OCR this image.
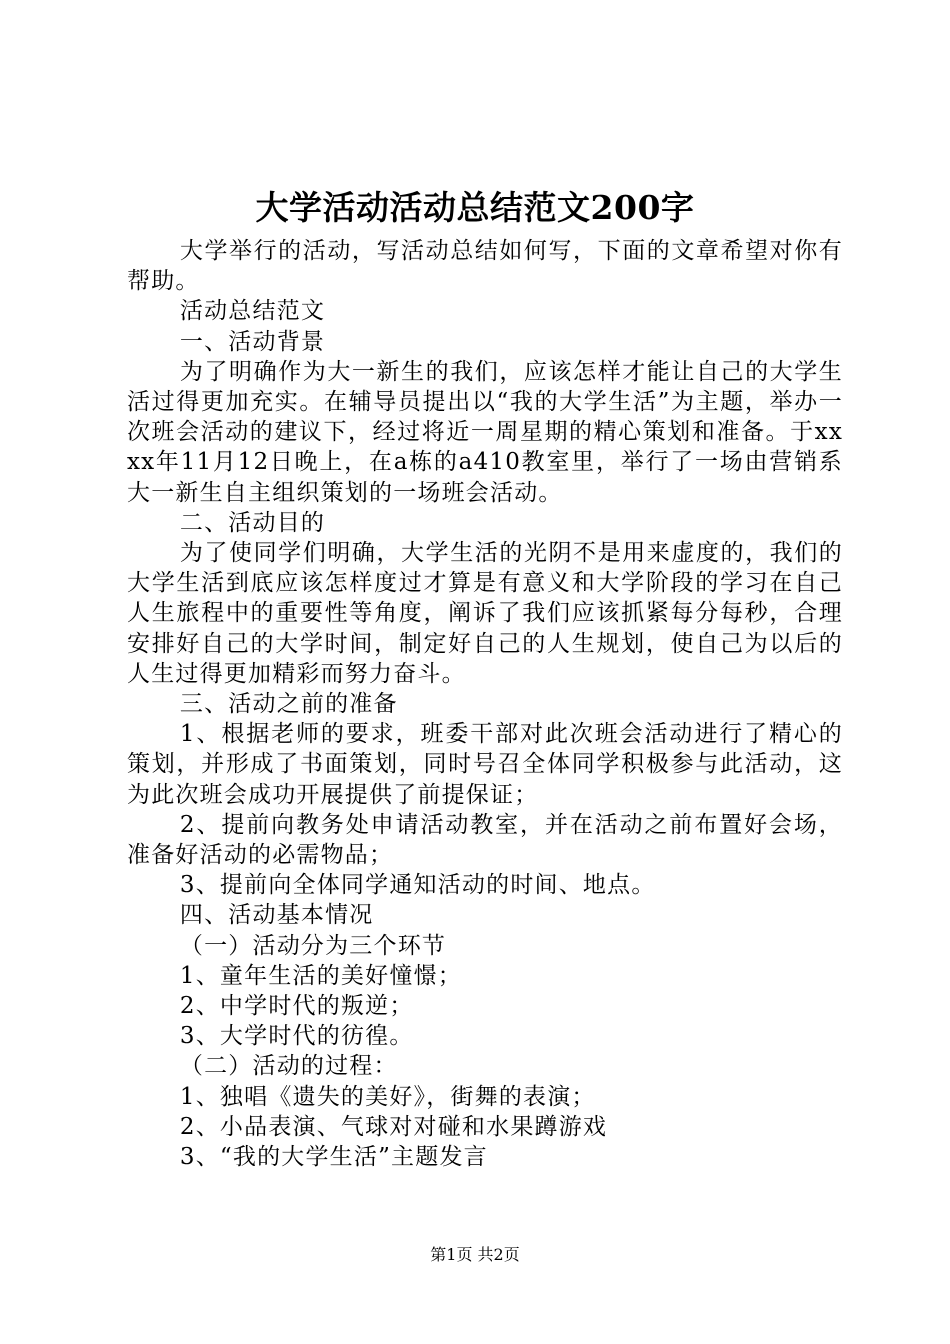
大学活动活动总结范文200字

大学举行的活动，写活动总结如何写，下面的文章希望对你有帮助。

活动总结范文

一、活动背景

为了明确作为大一新生的我们，应该怎样才能让自己的大学生活过得更加充实。在辅导员提出以“我的大学生活”为主题，举办一次班会活动的建议下，经过将近一周星期的精心策划和准备。于xxxx年11月12日晚上，在a栋的a410教室里，举行了一场由营销系大一新生自主组织策划的一场班会活动。

二、活动目的

为了使同学们明确，大学生活的光阴不是用来虚度的，我们的大学生活到底应该怎样度过才算是有意义和大学阶段的学习在自己人生旅程中的重要性等角度，阐诉了我们应该抓紧每分每秒，合理安排好自己的大学时间，制定好自己的人生规划，使自己为以后的人生过得更加精彩而努力奋斗。

三、活动之前的准备

1、根据老师的要求，班委干部对此次班会活动进行了精心的策划，并形成了书面策划，同时号召全体同学积极参与此活动，这为此次班会成功开展提供了前提保证；

2、提前向教务处申请活动教室，并在活动之前布置好会场，准备好活动的必需物品；

3、提前向全体同学通知活动的时间、地点。

四、活动基本情况

（一）活动分为三个环节

1、童年生活的美好憧憬；

2、中学时代的叛逆；

3、大学时代的彷徨。

（二）活动的过程：

1、独唱《遗失的美好》，街舞的表演；

2、小品表演、气球对对碰和水果蹲游戏

3、“我的大学生活”主题发言

第1页 共2页
